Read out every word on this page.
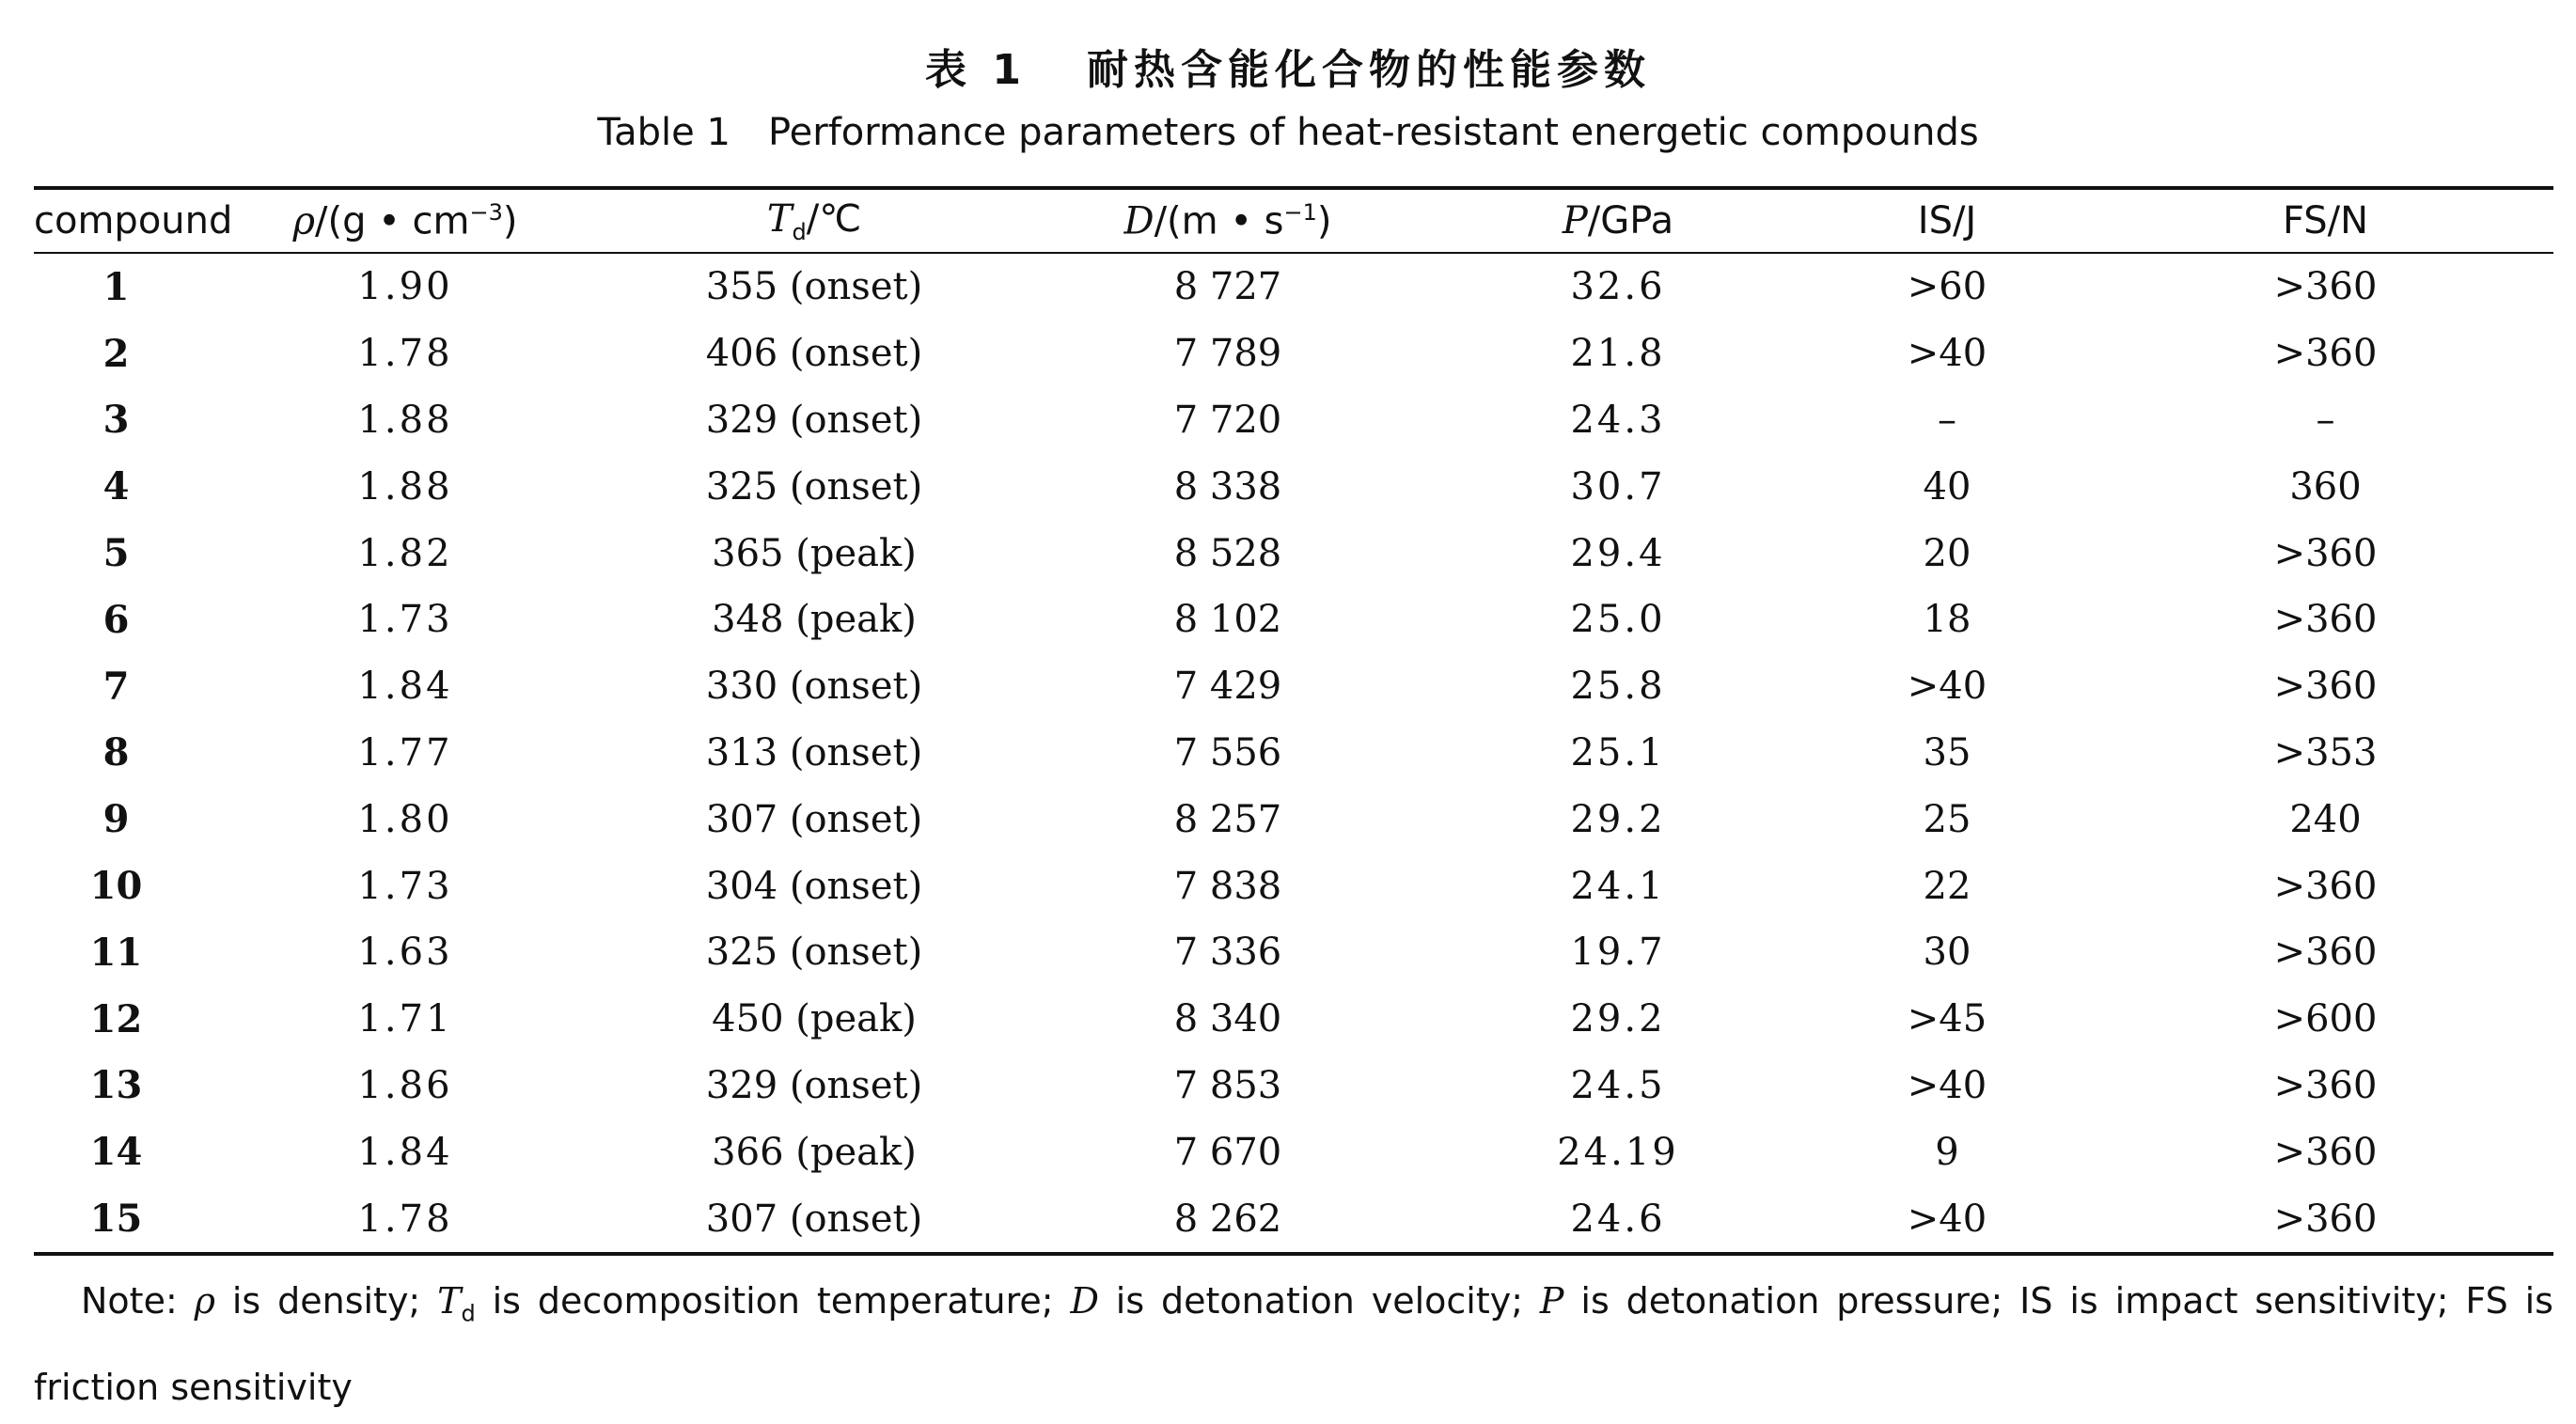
表 1 耐热含能化合物的性能参数
Table 1 Performance parameters of heat-resistant energetic compounds
compound	ρ/(g • $cm^{-3}$)	$T_d/℃$	D/(m • $s^{-1}$)	P/GPa	IS/J	FS/N
1	1.90	355 (onset)	8 727	32.6	>60	>360
2	1.78	406 (onset)	7 789	21.8	>40	>360
3	1.88	329 (onset)	7 720	24.3	–	–
4	1.88	325 (onset)	8 338	30.7	40	360
5	1.82	365 (peak)	8 528	29.4	20	>360
6	1.73	348 (peak)	8 102	25.0	18	>360
7	1.84	330 (onset)	7 429	25.8	>40	>360
8	1.77	313 (onset)	7 556	25.1	35	>353
9	1.80	307 (onset)	8 257	29.2	25	240
10	1.73	304 (onset)	7 838	24.1	22	>360
11	1.63	325 (onset)	7 336	19.7	30	>360
12	1.71	450 (peak)	8 340	29.2	>45	>600
13	1.86	329 (onset)	7 853	24.5	>40	>360
14	1.84	366 (peak)	7 670	24.19	9	>360
15	1.78	307 (onset)	8 262	24.6	>40	>360
Note: ρ is density; $T_d$ is decomposition temperature; D is detonation velocity; P is detonation pressure; IS is impact sensitivity; FS is friction sensitivity
